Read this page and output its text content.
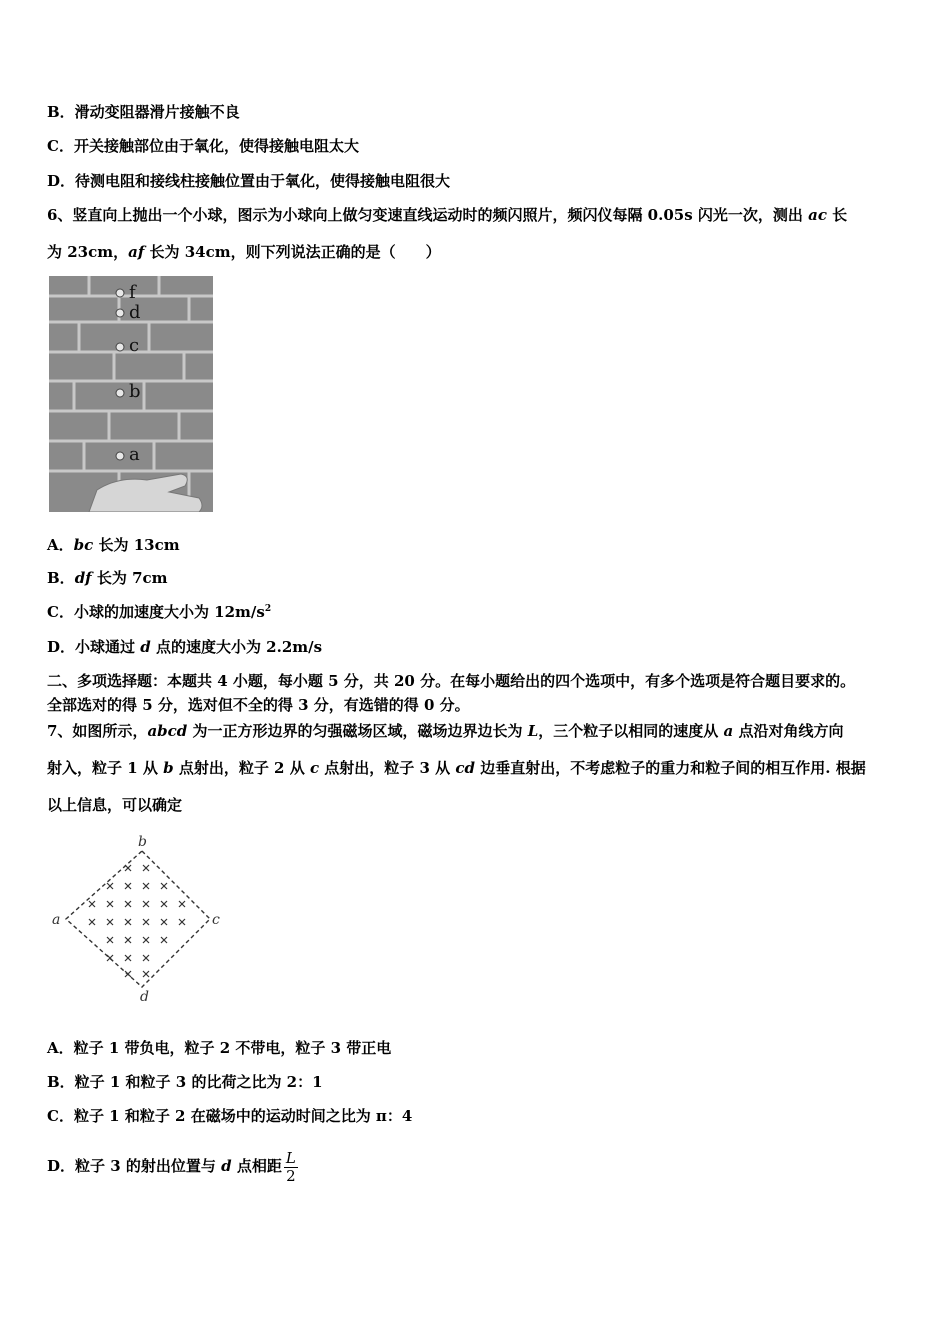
B．滑动变阻器滑片接触不良
C．开关接触部位由于氧化，使得接触电阻太大
D．待测电阻和接线柱接触位置由于氧化，使得接触电阻很大
6、竖直向上抛出一个小球，图示为小球向上做匀变速直线运动时的频闪照片，频闪仪每隔 0.05s 闪光一次，测出 ac 长
为 23cm，af 长为 34cm，则下列说法正确的是（　　）
f
d
c
b
a
A．bc 长为 13cm
B．df 长为 7cm
C．小球的加速度大小为 $12m/s^2$
D．小球通过 d 点的速度大小为 2.2m/s
二、多项选择题：本题共 4 小题，每小题 5 分，共 20 分。在每小题给出的四个选项中，有多个选项是符合题目要求的。
全部选对的得 5 分，选对但不全的得 3 分，有选错的得 0 分。
7、如图所示，abcd 为一正方形边界的匀强磁场区域，磁场边界边长为 L，三个粒子以相同的速度从 a 点沿对角线方向
射入，粒子 1 从 b 点射出，粒子 2 从 c 点射出，粒子 3 从 cd 边垂直射出，不考虑粒子的重力和粒子间的相互作用. 根据
以上信息，可以确定
b
c
a
d
A．粒子 1 带负电，粒子 2 不带电，粒子 3 带正电
B．粒子 1 和粒子 3 的比荷之比为 2：1
C．粒子 1 和粒子 2 在磁场中的运动时间之比为 π：4
D．粒子 3 的射出位置与 d 点相距 $\frac{L}{2}$
